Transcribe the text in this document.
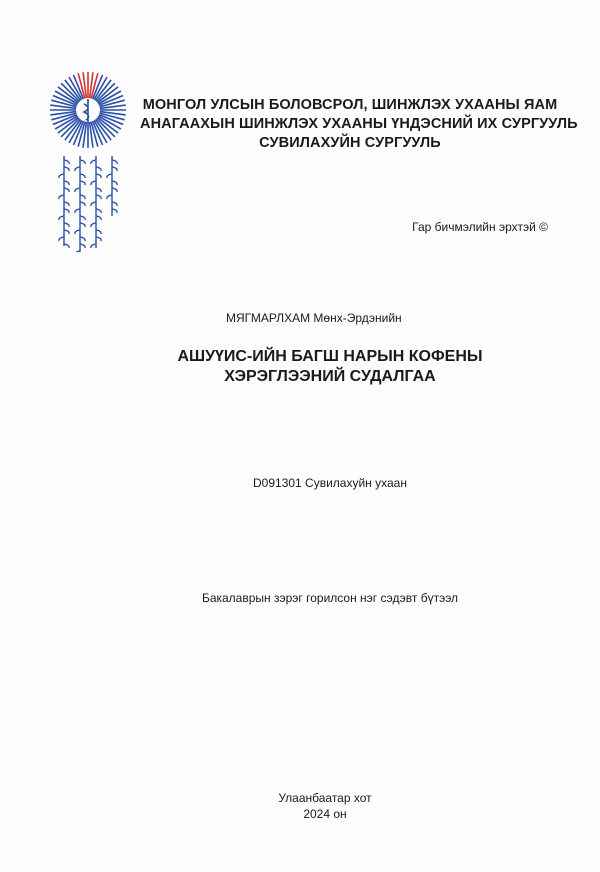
МОНГОЛ УЛСЫН БОЛОВСРОЛ, ШИНЖЛЭХ УХААНЫ ЯАМ
АНАГААХЫН ШИНЖЛЭХ УХААНЫ ҮНДЭСНИЙ ИХ СУРГУУЛЬ
СУВИЛАХУЙН СУРГУУЛЬ
Гар бичмэлийн эрхтэй ©
МЯГМАРЛХАМ Мөнх-Эрдэнийн
АШУҮИС-ИЙН БАГШ НАРЫН КОФЕНЫ
ХЭРЭГЛЭЭНИЙ СУДАЛГАА
D091301 Сувилахуйн ухаан
Бакалаврын зэрэг горилсон нэг сэдэвт бүтээл
Улаанбаатар хот
2024 он
